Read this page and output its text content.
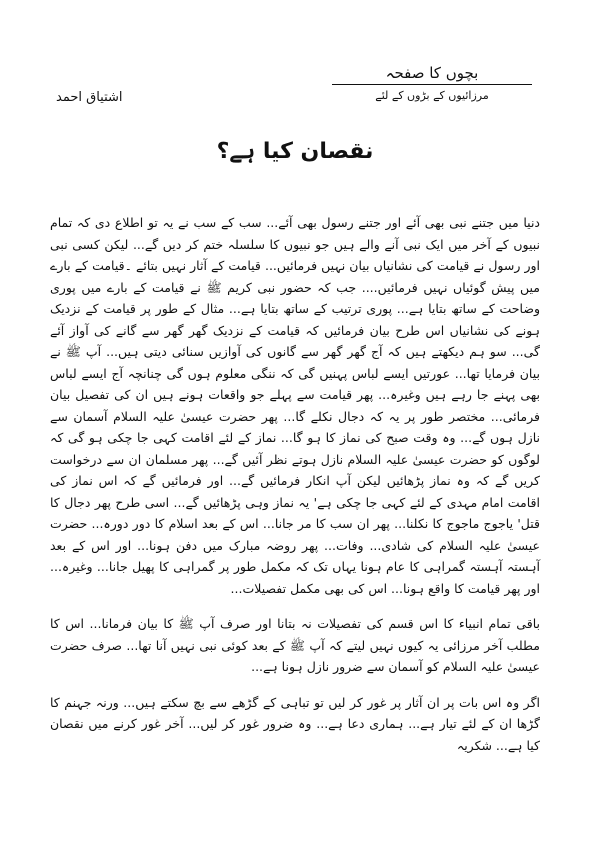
بچوں کا صفحہ
مرزائیوں کے بڑوں کے لئے
اشتیاق احمد
نقصان کیا ہے؟

دنیا میں جتنے نبی بھی آئے اور جتنے رسول بھی آئے... سب کے سب نے یہ تو اطلاع دی کہ تمام نبیوں کے آخر میں ایک نبی آنے والے ہیں جو نبیوں کا سلسلہ ختم کر دیں گے... لیکن کسی نبی اور رسول نے قیامت کی نشانیاں بیان نہیں فرمائیں... قیامت کے آثار نہیں بتائے ۔قیامت کے بارے میں پیش گوئیاں نہیں فرمائیں.... جب کہ حضور نبی کریم ﷺ نے قیامت کے بارے میں پوری وضاحت کے ساتھ بتایا ہے... پوری ترتیب کے ساتھ بتایا ہے... مثال کے طور پر قیامت کے نزدیک ہونے کی نشانیاں اس طرح بیان فرمائیں کہ قیامت کے نزدیک گھر گھر سے گانے کی آواز آئے گی... سو ہم دیکھتے ہیں کہ آج گھر گھر سے گانوں کی آوازیں سنائی دیتی ہیں... آپ ﷺ نے بیان فرمایا تھا... عورتیں ایسے لباس پہنیں گی کہ ننگی معلوم ہوں گی چنانچہ آج ایسے لباس بھی پہنے جا رہے ہیں وغیرہ... پھر قیامت سے پہلے جو واقعات ہونے ہیں ان کی تفصیل بیان فرمائی... مختصر طور پر یہ کہ دجال نکلے گا... پھر حضرت عیسیٰ علیہ السلام آسمان سے نازل ہوں گے... وہ وقت صبح کی نماز کا ہو گا... نماز کے لئے اقامت کہی جا چکی ہو گی کہ لوگوں کو حضرت عیسیٰ علیہ السلام نازل ہوتے نظر آئیں گے... پھر مسلمان ان سے درخواست کریں گے کہ وہ نماز پڑھائیں لیکن آپ انکار فرمائیں گے... اور فرمائیں گے کہ اس نماز کی اقامت امام مہدی کے لئے کہی جا چکی ہے' یہ نماز وہی پڑھائیں گے... اسی طرح پھر دجال کا قتل' یاجوج ماجوج کا نکلنا... پھر ان سب کا مر جانا... اس کے بعد اسلام کا دور دورہ... حضرت عیسیٰ علیہ السلام کی شادی... وفات... پھر روضہ مبارک میں دفن ہونا... اور اس کے بعد آہستہ آہستہ گمراہی کا عام ہونا یہاں تک کہ مکمل طور پر گمراہی کا پھیل جانا... وغیرہ... اور پھر قیامت کا واقع ہونا... اس کی بھی مکمل تفصیلات...

باقی تمام انبیاء کا اس قسم کی تفصیلات نہ بتانا اور صرف آپ ﷺ کا بیان فرمانا... اس کا مطلب آخر مرزائی یہ کیوں نہیں لیتے کہ آپ ﷺ کے بعد کوئی نبی نہیں آنا تھا... صرف حضرت عیسیٰ علیہ السلام کو آسمان سے ضرور نازل ہونا ہے...

اگر وہ اس بات پر ان آثار پر غور کر لیں تو تباہی کے گڑھے سے بچ سکتے ہیں... ورنہ جہنم کا گڑھا ان کے لئے تیار ہے... ہماری دعا ہے... وہ ضرور غور کر لیں... آخر غور کرنے میں نقصان کیا ہے... شکریہ
